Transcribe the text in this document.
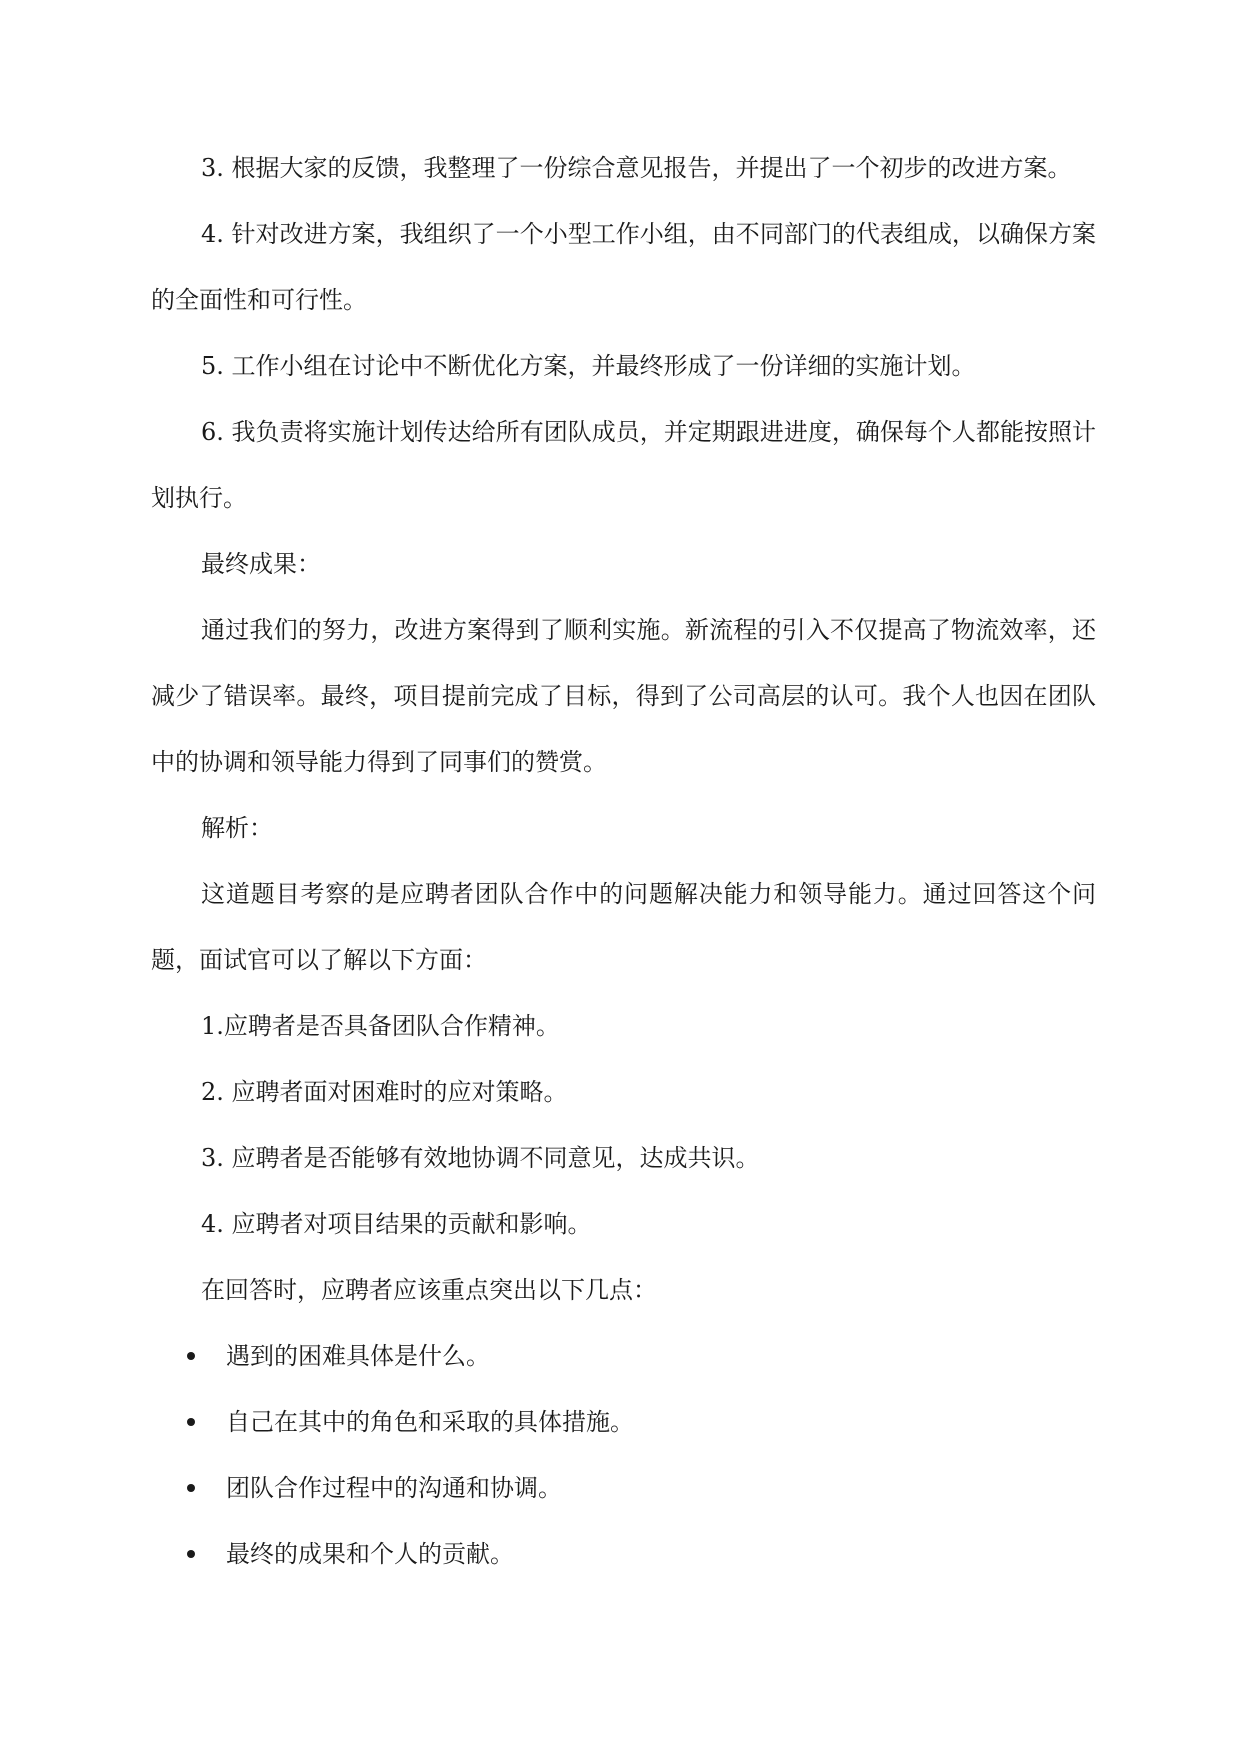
3. 根据大家的反馈，我整理了一份综合意见报告，并提出了一个初步的改进方案。

4. 针对改进方案，我组织了一个小型工作小组，由不同部门的代表组成，以确保方案的全面性和可行性。

5. 工作小组在讨论中不断优化方案，并最终形成了一份详细的实施计划。

6. 我负责将实施计划传达给所有团队成员，并定期跟进进度，确保每个人都能按照计划执行。

最终成果：

通过我们的努力，改进方案得到了顺利实施。新流程的引入不仅提高了物流效率，还减少了错误率。最终，项目提前完成了目标，得到了公司高层的认可。我个人也因在团队中的协调和领导能力得到了同事们的赞赏。

解析：

这道题目考察的是应聘者团队合作中的问题解决能力和领导能力。通过回答这个问题，面试官可以了解以下方面：

1.应聘者是否具备团队合作精神。

2. 应聘者面对困难时的应对策略。

3. 应聘者是否能够有效地协调不同意见，达成共识。

4. 应聘者对项目结果的贡献和影响。

在回答时，应聘者应该重点突出以下几点：

遇到的困难具体是什么。
自己在其中的角色和采取的具体措施。
团队合作过程中的沟通和协调。
最终的成果和个人的贡献。
